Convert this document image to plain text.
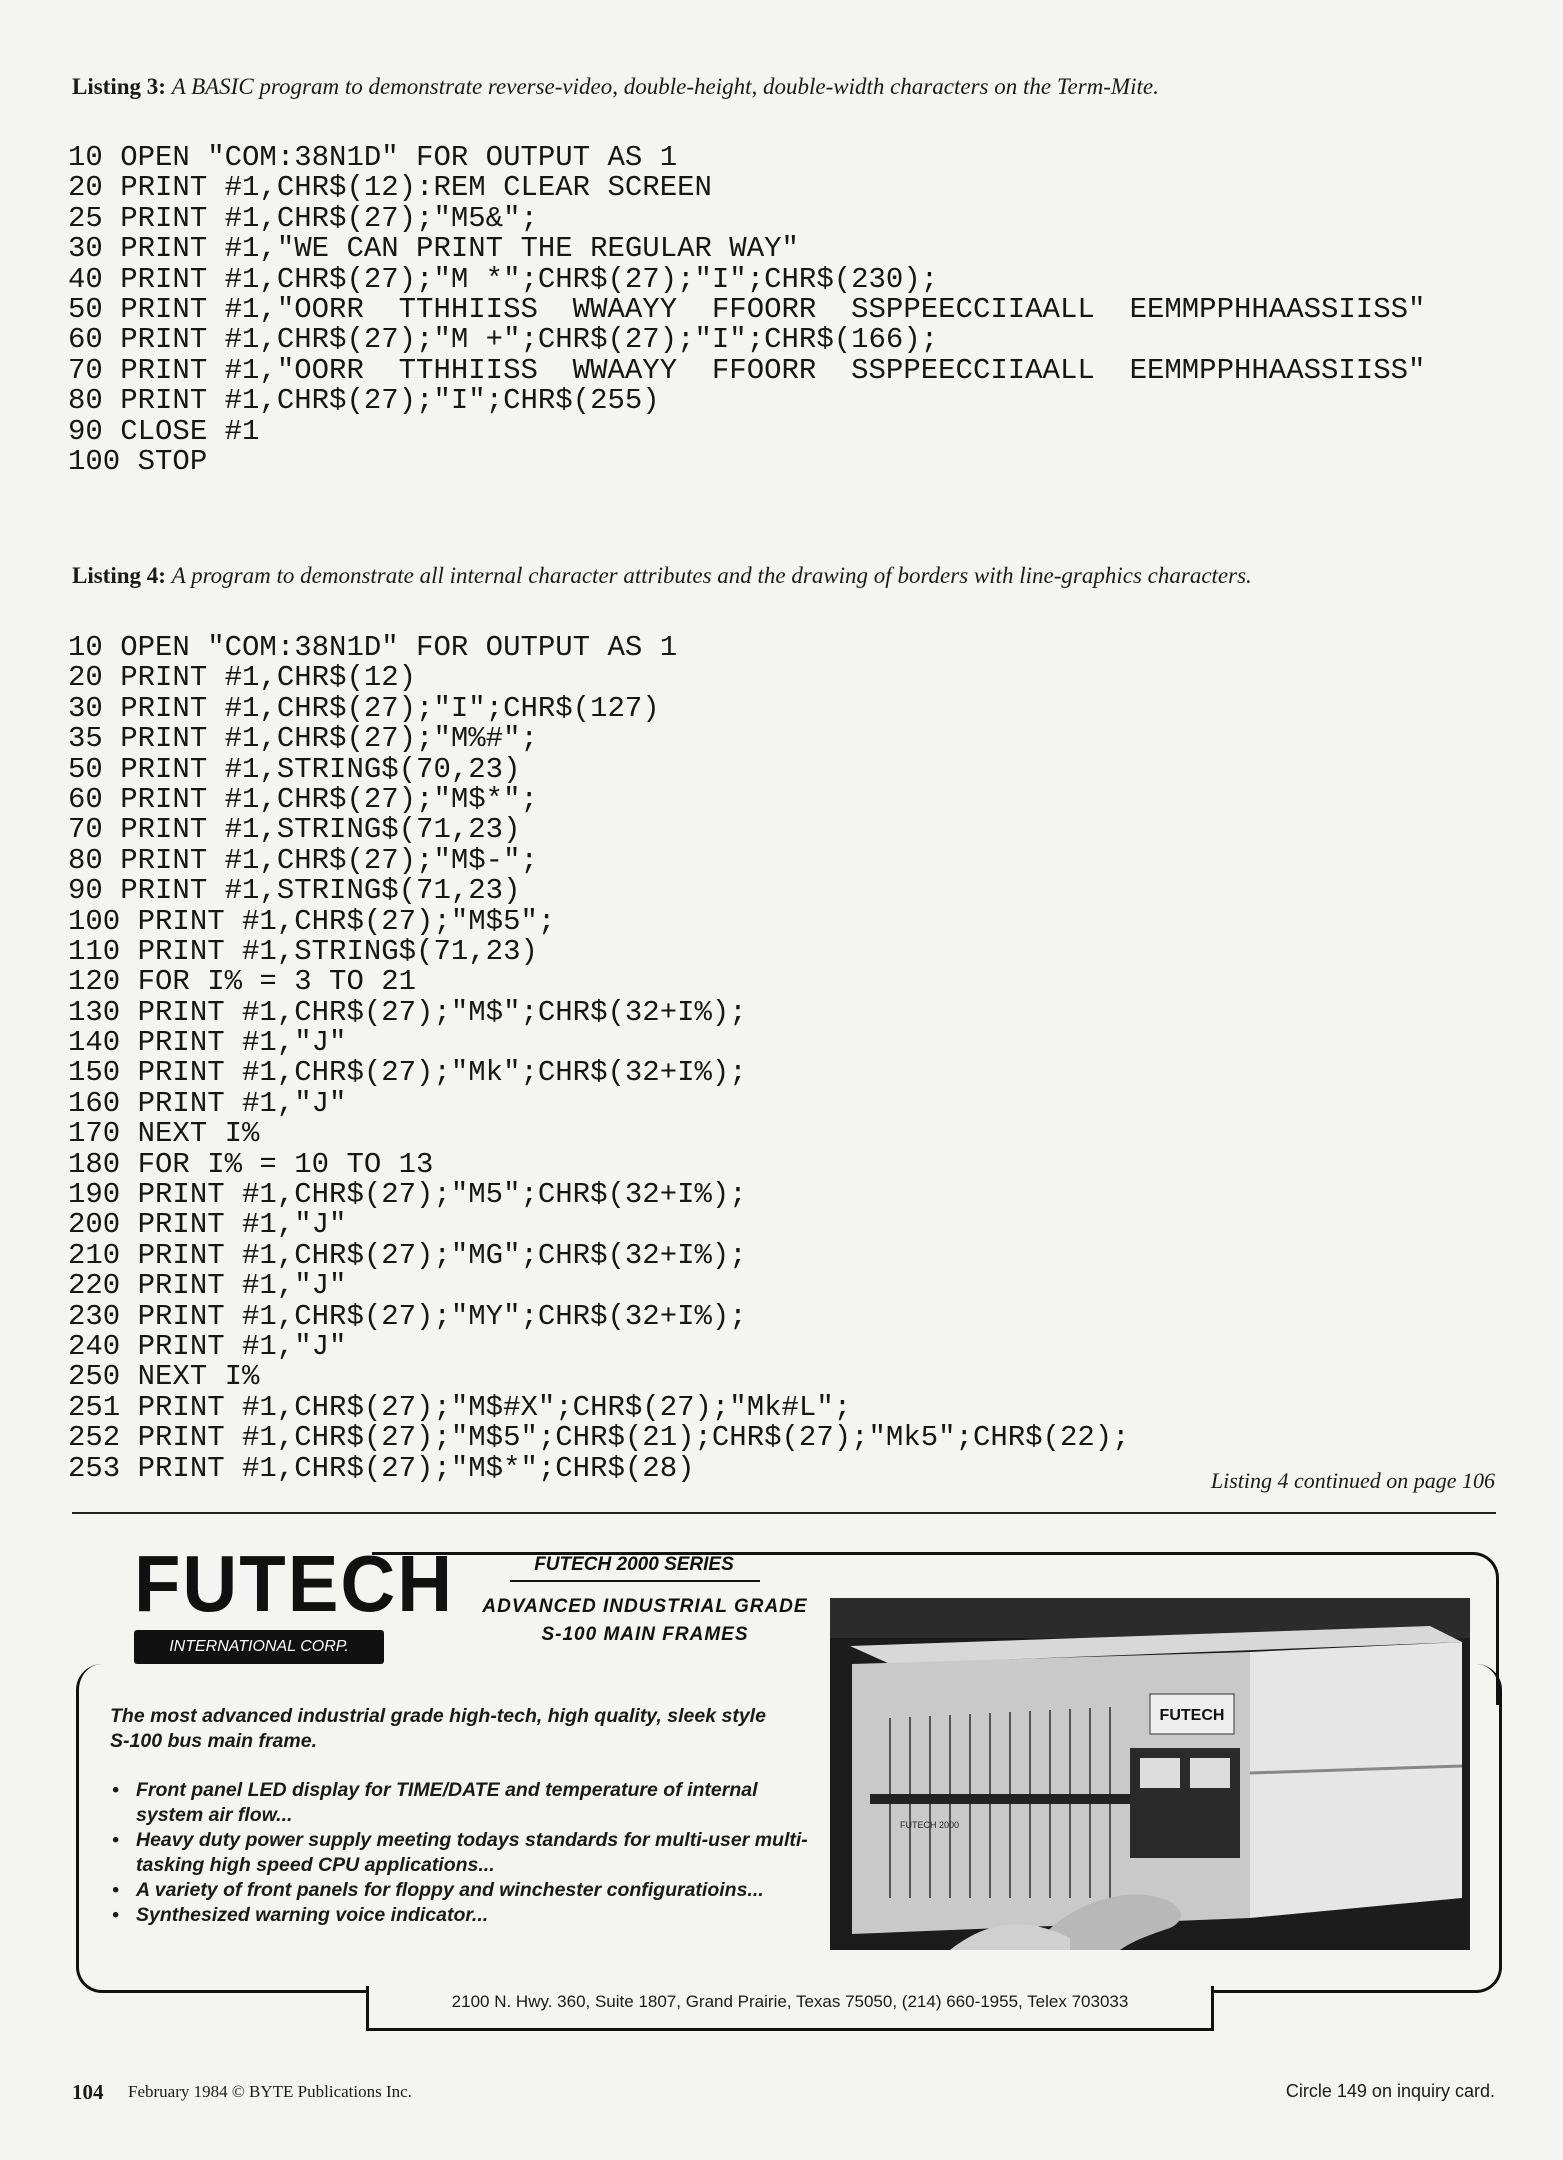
Listing 3: A BASIC program to demonstrate reverse-video, double-height, double-width characters on the Term-Mite.
10 OPEN "COM:38N1D" FOR OUTPUT AS 1
20 PRINT #1,CHR$(12):REM CLEAR SCREEN
25 PRINT #1,CHR$(27);"M5&";
30 PRINT #1,"WE CAN PRINT THE REGULAR WAY"
40 PRINT #1,CHR$(27);"M *";CHR$(27);"I";CHR$(230);
50 PRINT #1,"OORR  TTHHIISS  WWAAYY  FFOORR  SSPPEECCIIAALL  EEMMPPHHAASSIISS"
60 PRINT #1,CHR$(27);"M +";CHR$(27);"I";CHR$(166);
70 PRINT #1,"OORR  TTHHIISS  WWAAYY  FFOORR  SSPPEECCIIAALL  EEMMPPHHAASSIISS"
80 PRINT #1,CHR$(27);"I";CHR$(255)
90 CLOSE #1
100 STOP
Listing 4: A program to demonstrate all internal character attributes and the drawing of borders with line-graphics characters.
10 OPEN "COM:38N1D" FOR OUTPUT AS 1
20 PRINT #1,CHR$(12)
30 PRINT #1,CHR$(27);"I";CHR$(127)
35 PRINT #1,CHR$(27);"M%#";
50 PRINT #1,STRING$(70,23)
60 PRINT #1,CHR$(27);"M$*";
70 PRINT #1,STRING$(71,23)
80 PRINT #1,CHR$(27);"M$-";
90 PRINT #1,STRING$(71,23)
100 PRINT #1,CHR$(27);"M$5";
110 PRINT #1,STRING$(71,23)
120 FOR I% = 3 TO 21
130 PRINT #1,CHR$(27);"M$";CHR$(32+I%);
140 PRINT #1,"J"
150 PRINT #1,CHR$(27);"Mk";CHR$(32+I%);
160 PRINT #1,"J"
170 NEXT I%
180 FOR I% = 10 TO 13
190 PRINT #1,CHR$(27);"M5";CHR$(32+I%);
200 PRINT #1,"J"
210 PRINT #1,CHR$(27);"MG";CHR$(32+I%);
220 PRINT #1,"J"
230 PRINT #1,CHR$(27);"MY";CHR$(32+I%);
240 PRINT #1,"J"
250 NEXT I%
251 PRINT #1,CHR$(27);"M$#X";CHR$(27);"Mk#L";
252 PRINT #1,CHR$(27);"M$5";CHR$(21);CHR$(27);"Mk5";CHR$(22);
253 PRINT #1,CHR$(27);"M$*";CHR$(28)	Listing 4 continued on page 106
2100 N. Hwy. 360, Suite 1807, Grand Prairie, Texas 75050, (214) 660-1955, Telex 703033
FUTECH
INTERNATIONAL CORP.
FUTECH 2000 SERIES
ADVANCED INDUSTRIAL GRADE
S-100 MAIN FRAMES
The most advanced industrial grade high-tech, high quality, sleek style S-100 bus main frame.
• Front panel LED display for TIME/DATE and temperature of internal system air flow...
• Heavy duty power supply meeting todays standards for multi-user multi-tasking high speed CPU applications...
• A variety of front panels for floppy and winchester configuratioins...
• Synthesized warning voice indicator...
FUTECH
FUTECH 2000
104 February 1984 © BYTE Publications Inc.	Circle 149 on inquiry card.
